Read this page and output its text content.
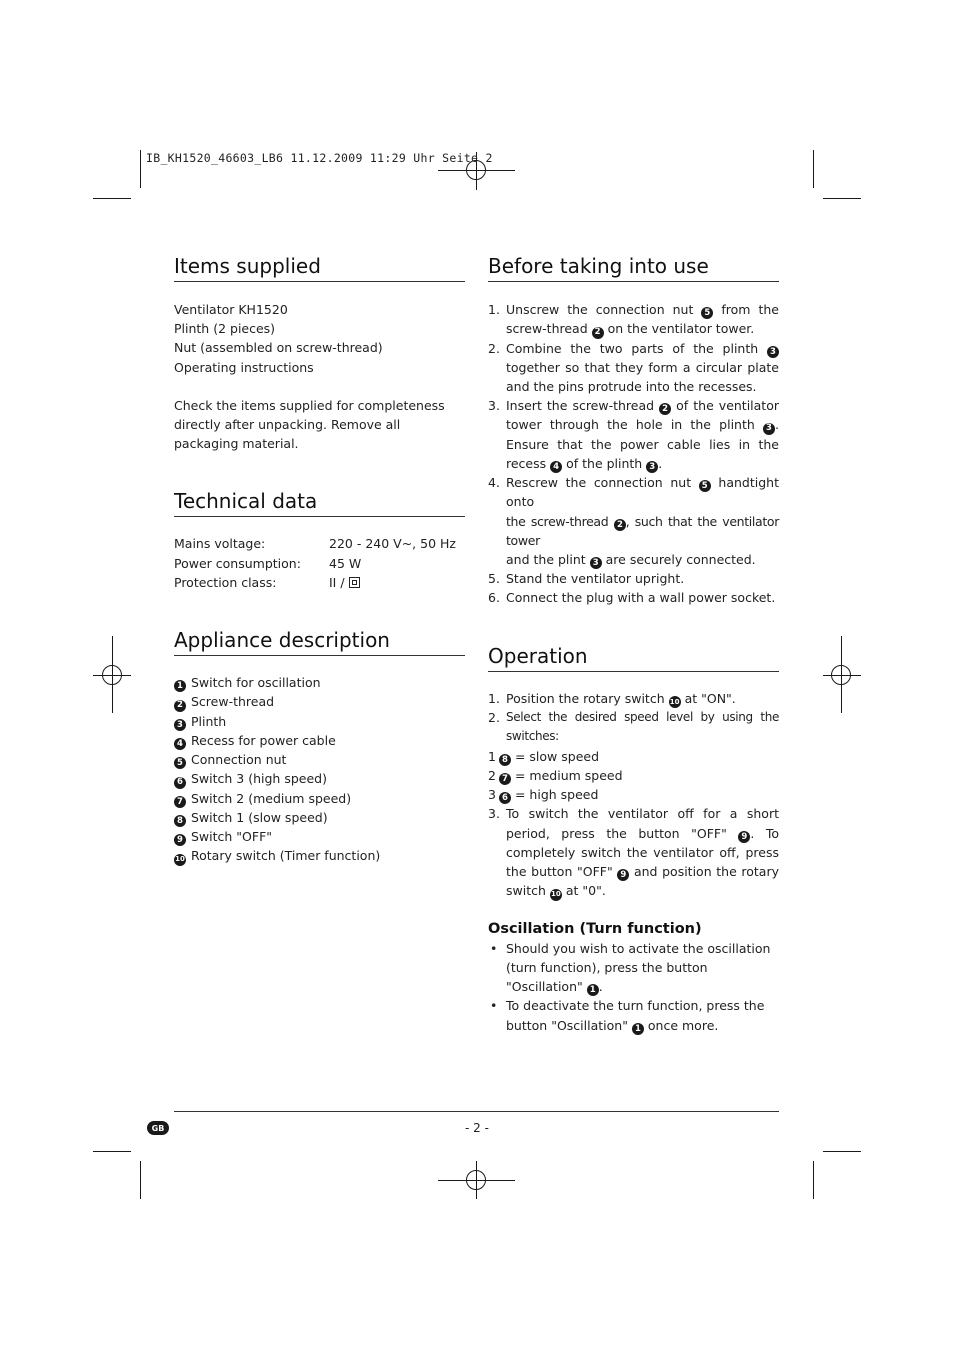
IB_KH1520_46603_LB6 11.12.2009 11:29 Uhr Seite 2
Items supplied

Ventilator KH1520

Plinth (2 pieces)

Nut (assembled on screw-thread)

Operating instructions

Check the items supplied for completeness directly after unpacking. Remove all packaging material.

Technical data
Mains voltage:	220 - 240 V~, 50 Hz
Power consumption:	45 W
Protection class:	II /
Appliance description
1 Switch for oscillation
2 Screw-thread
3 Plinth
4 Recess for power cable
5 Connection nut
6 Switch 3 (high speed)
7 Switch 2 (medium speed)
8 Switch 1 (slow speed)
9 Switch "OFF"
10 Rotary switch (Timer function)
Before taking into use
1. Unscrew the connection nut 5 from the screw-thread 2 on the ventilator tower.
2. Combine the two parts of the plinth 3 together so that they form a circular plate and the pins protrude into the recesses.
3. Insert the screw-thread 2 of the ventilator tower through the hole in the plinth 3 . Ensure that the power cable lies in the recess 4 of the plinth 3 .
4. Rescrew the connection nut 5 handtight onto
the screw-thread 2 , such that the ventilator tower
and the plint 3 are securely connected.
5. Stand the ventilator upright.
6. Connect the plug with a wall power socket.
Operation
1. Position the rotary switch 10 at "ON".
2. Select the desired speed level by using the switches:
1 8 = slow speed
2 7 = medium speed
3 6 = high speed
3. To switch the ventilator off for a short period, press the button "OFF" 9 . To completely switch the ventilator off, press the button "OFF" 9 and position the rotary switch 10 at "0".
Oscillation (Turn function)
• Should you wish to activate the oscillation (turn function), press the button "Oscillation" 1 .
• To deactivate the turn function, press the button "Oscillation" 1 once more.
GB	- 2 -
